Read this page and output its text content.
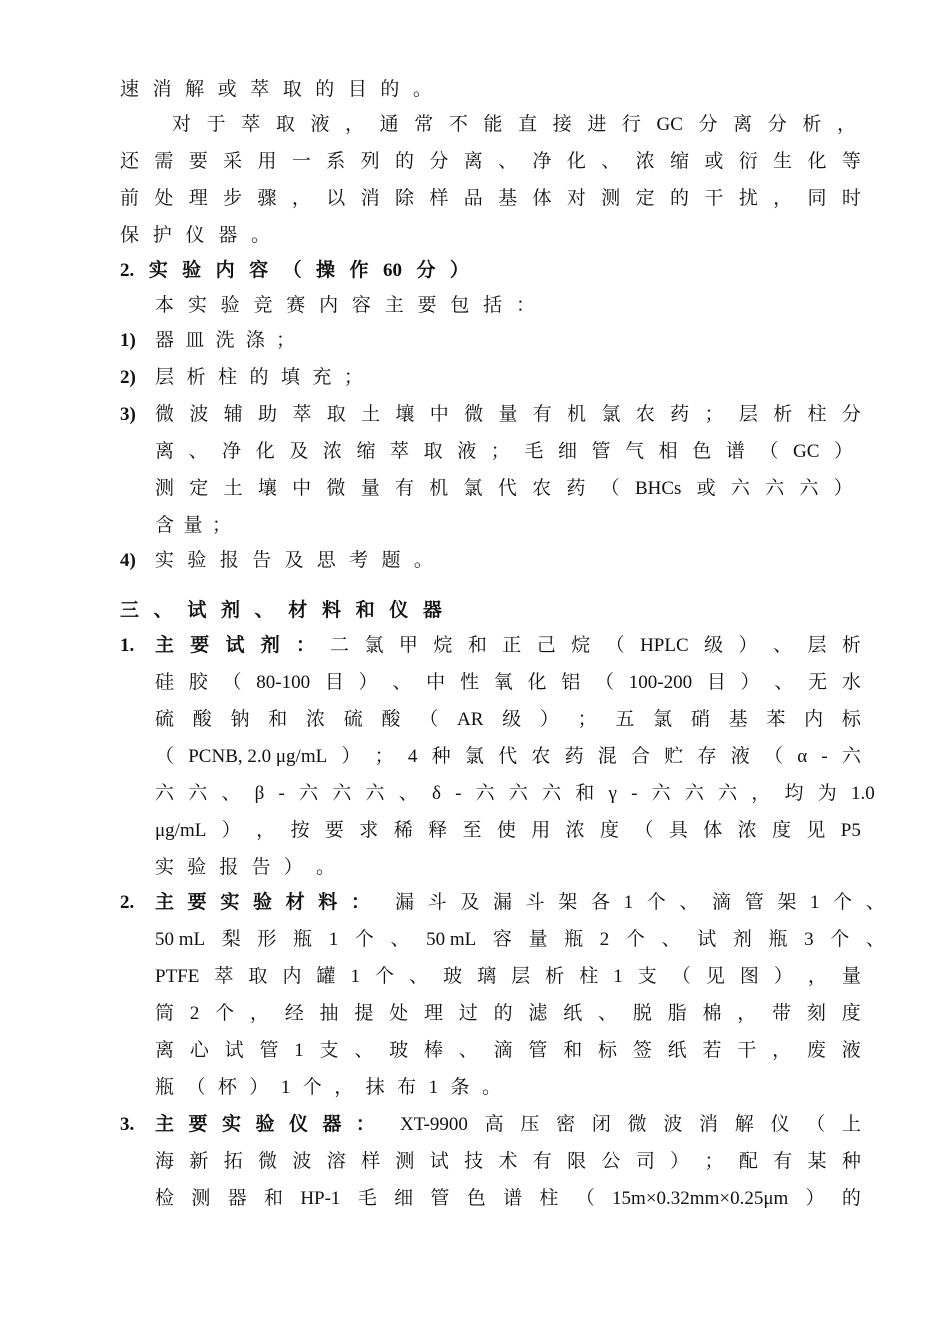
速 消 解 或 萃 取 的 目 的 。
对 于 萃 取 液 ， 通 常 不 能 直 接 进 行 GC 分 离 分 析 ，
还 需 要 采 用 一 系 列 的 分 离 、 净 化 、 浓 缩 或 衍 生 化 等
前 处 理 步 骤 ， 以 消 除 样 品 基 体 对 测 定 的 干 扰 ， 同 时
保 护 仪 器 。
2. 实 验 内 容 （ 操 作 60 分 ）
本 实 验 竞 赛 内 容 主 要 包 括 ：
1) 器 皿 洗 涤 ；
2) 层 析 柱 的 填 充 ；
3) 微 波 辅 助 萃 取 土 壤 中 微 量 有 机 氯 农 药 ； 层 析 柱 分
离 、 净 化 及 浓 缩 萃 取 液 ； 毛 细 管 气 相 色 谱 （ GC ）
测 定 土 壤 中 微 量 有 机 氯 代 农 药 （ BHCs 或 六 六 六 ）
含 量 ；
4) 实 验 报 告 及 思 考 题 。
三 、 试 剂 、 材 料 和 仪 器
1. 主 要 试 剂 ： 二 氯 甲 烷 和 正 己 烷 （ HPLC 级 ） 、 层 析
硅 胶 （ 80-100 目 ） 、 中 性 氧 化 铝 （ 100-200 目 ） 、 无 水
硫 酸 钠 和 浓 硫 酸 （ AR 级 ） ； 五 氯 硝 基 苯 内 标
（ PCNB, 2.0 μg/mL ） ； 4 种 氯 代 农 药 混 合 贮 存 液 （ α - 六
六 六 、 β - 六 六 六 、 δ - 六 六 六 和 γ - 六 六 六 ， 均 为 1.0
μg/mL ） ， 按 要 求 稀 释 至 使 用 浓 度 （ 具 体 浓 度 见 P5
实 验 报 告 ） 。
2. 主 要 实 验 材 料 ： 漏 斗 及 漏 斗 架 各 1 个 、 滴 管 架 1 个 、
50 mL 梨 形 瓶 1 个 、 50 mL 容 量 瓶 2 个 、 试 剂 瓶 3 个 、
PTFE 萃 取 内 罐 1 个 、 玻 璃 层 析 柱 1 支 （ 见 图 ） ， 量
筒 2 个 ， 经 抽 提 处 理 过 的 滤 纸 、 脱 脂 棉 ， 带 刻 度
离 心 试 管 1 支 、 玻 棒 、 滴 管 和 标 签 纸 若 干 ， 废 液
瓶 （ 杯 ） 1 个 ， 抹 布 1 条 。
3. 主 要 实 验 仪 器 ： XT-9900 高 压 密 闭 微 波 消 解 仪 （ 上
海 新 拓 微 波 溶 样 测 试 技 术 有 限 公 司 ） ； 配 有 某 种
检 测 器 和 HP-1 毛 细 管 色 谱 柱 （ 15m×0.32mm×0.25μm ） 的
